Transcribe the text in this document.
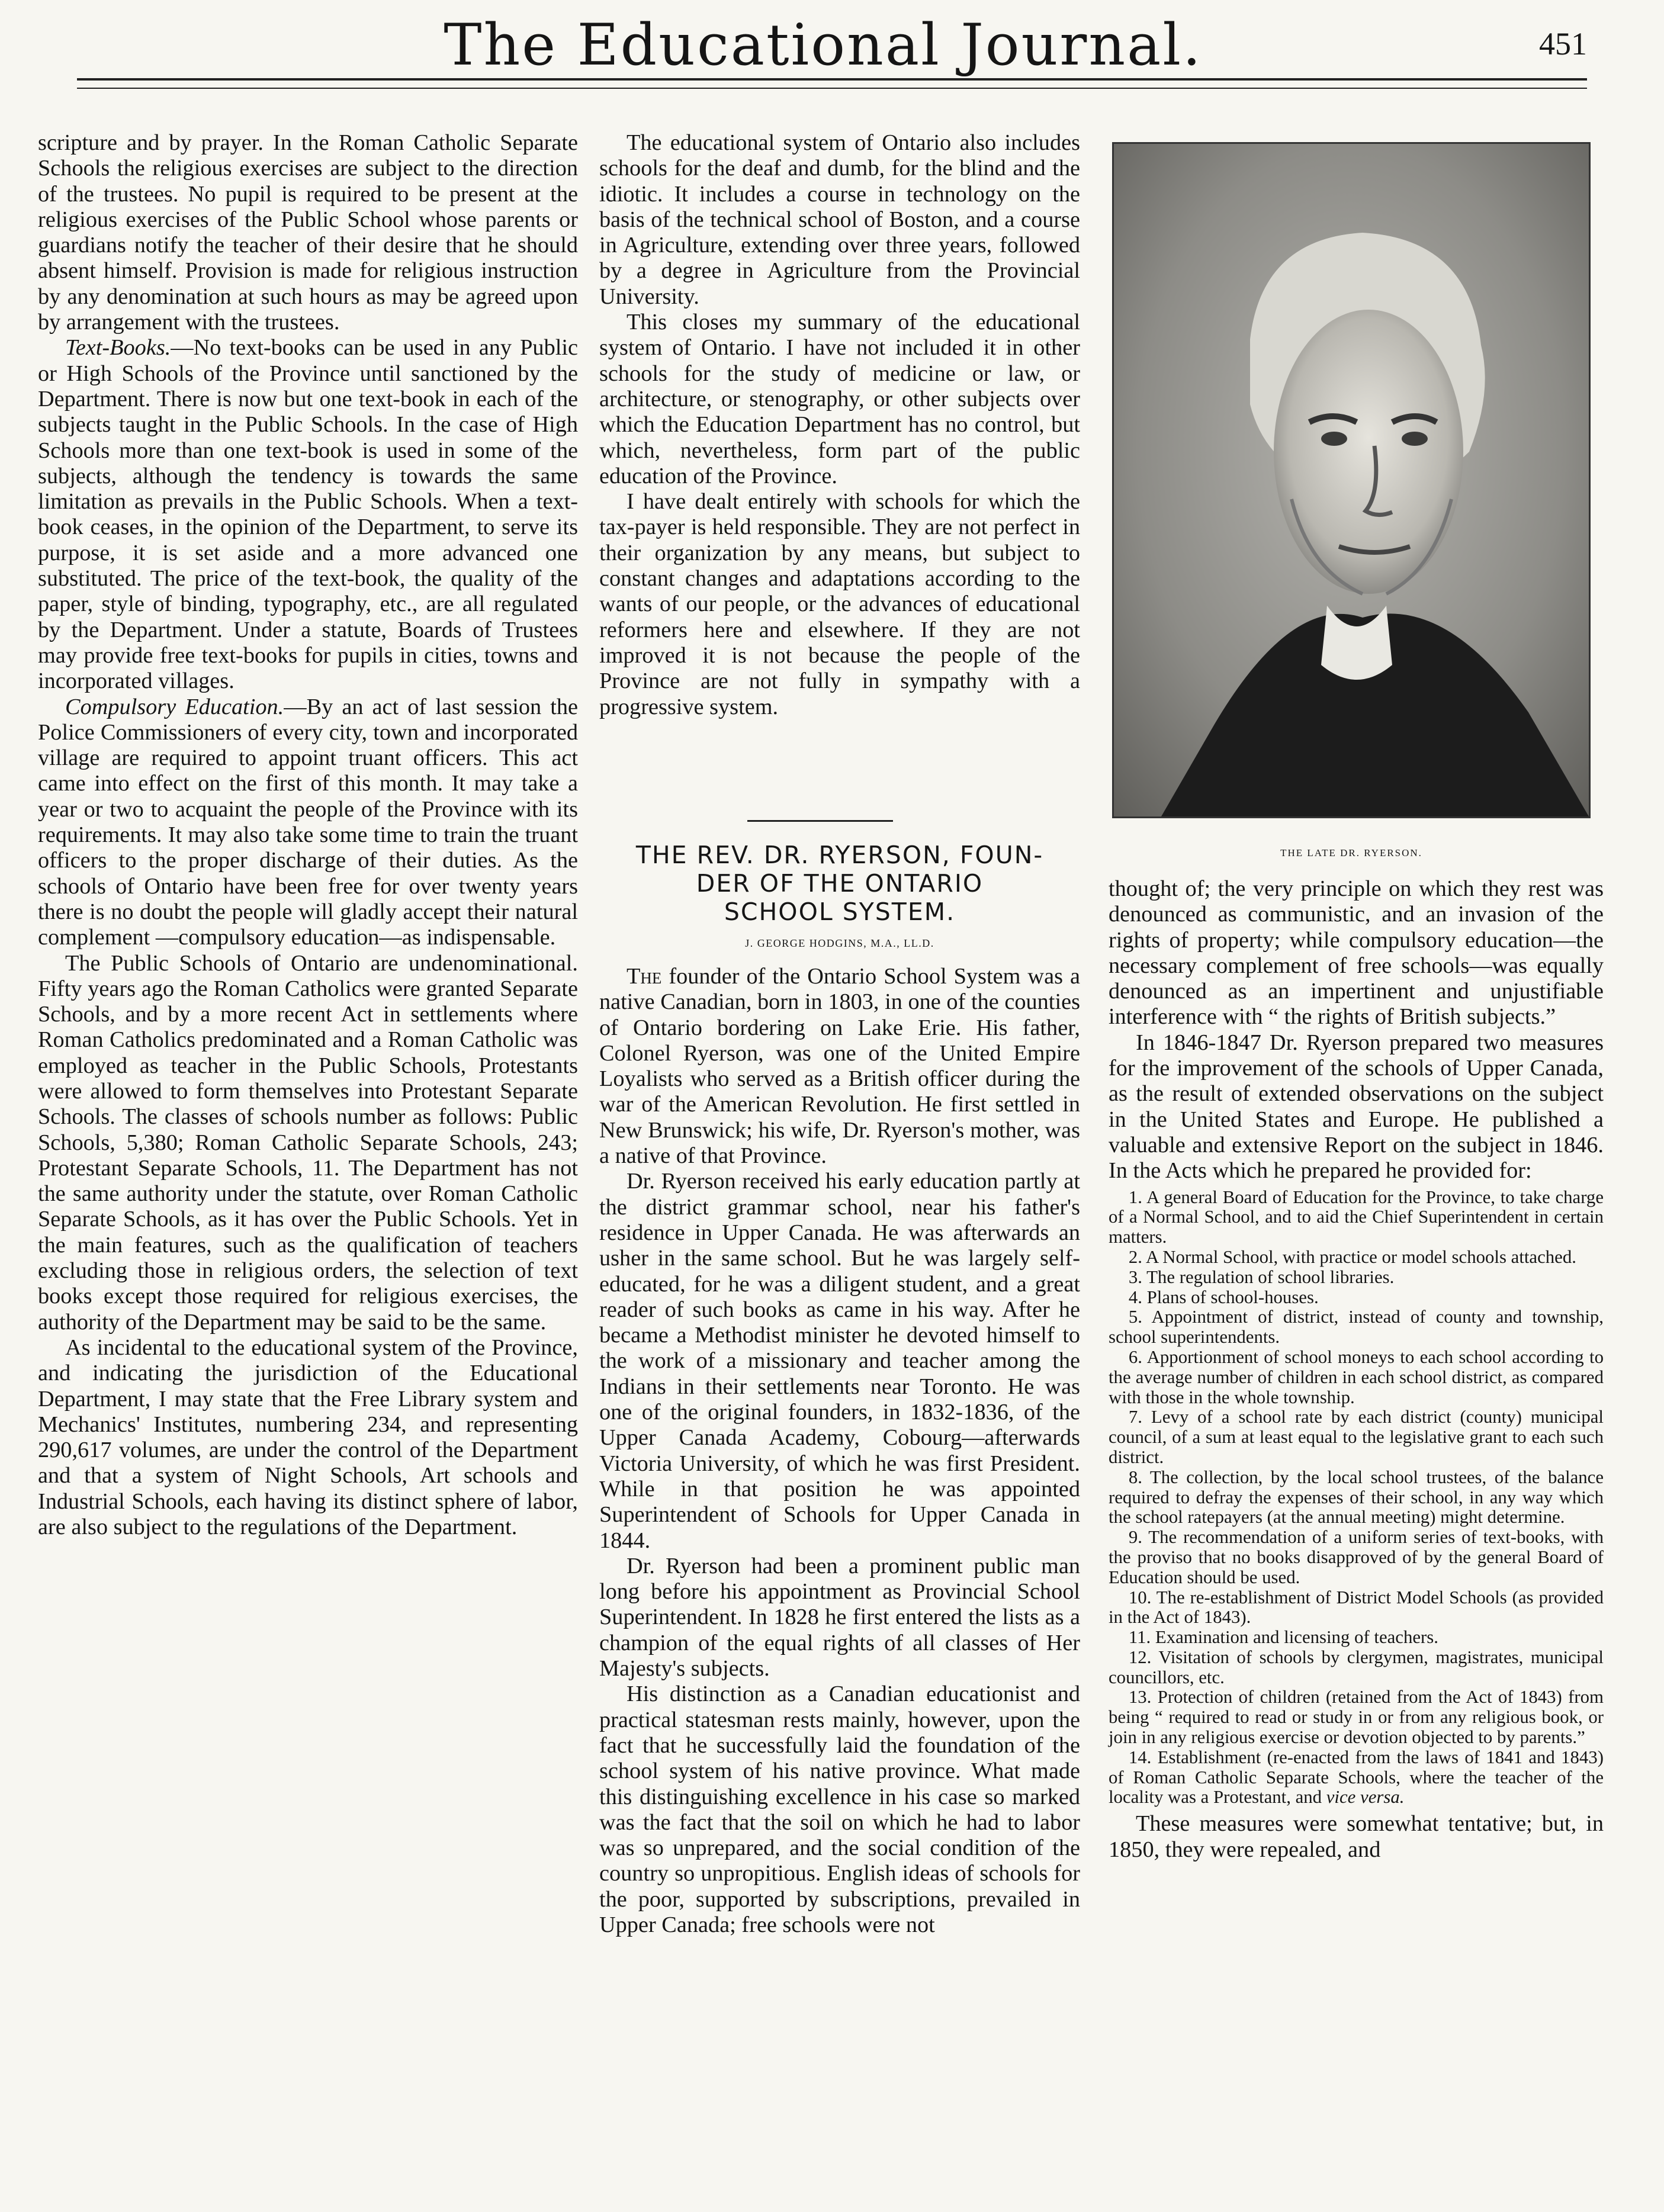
The Educational Journal.	451

scripture and by prayer. In the Roman Catholic Separate Schools the religious exercises are subject to the direction of the trustees. No pupil is required to be present at the religious exercises of the Public School whose parents or guardians notify the teacher of their desire that he should absent himself. Provision is made for religious instruction by any denomination at such hours as may be agreed upon by arrangement with the trustees.

Text-Books.—No text-books can be used in any Public or High Schools of the Province until sanctioned by the Department. There is now but one text-book in each of the subjects taught in the Public Schools. In the case of High Schools more than one text-book is used in some of the subjects, although the tendency is towards the same limitation as prevails in the Public Schools. When a text-book ceases, in the opinion of the Department, to serve its purpose, it is set aside and a more advanced one substituted. The price of the text-book, the quality of the paper, style of binding, typography, etc., are all regulated by the Department. Under a statute, Boards of Trustees may provide free text-books for pupils in cities, towns and incorporated villages.

Compulsory Education.—By an act of last session the Police Commissioners of every city, town and incorporated village are required to appoint truant officers. This act came into effect on the first of this month. It may take a year or two to acquaint the people of the Province with its requirements. It may also take some time to train the truant officers to the proper discharge of their duties. As the schools of Ontario have been free for over twenty years there is no doubt the people will gladly accept their natural complement —compulsory education—as indispensable.

The Public Schools of Ontario are undenominational. Fifty years ago the Roman Catholics were granted Separate Schools, and by a more recent Act in settlements where Roman Catholics predominated and a Roman Catholic was employed as teacher in the Public Schools, Protestants were allowed to form themselves into Protestant Separate Schools. The classes of schools number as follows: Public Schools, 5,380; Roman Catholic Separate Schools, 243; Protestant Separate Schools, 11. The Department has not the same authority under the statute, over Roman Catholic Separate Schools, as it has over the Public Schools. Yet in the main features, such as the qualification of teachers excluding those in religious orders, the selection of text books except those required for religious exercises, the authority of the Department may be said to be the same.

As incidental to the educational system of the Province, and indicating the jurisdiction of the Educational Department, I may state that the Free Library system and Mechanics' Institutes, numbering 234, and representing 290,617 volumes, are under the control of the Department and that a system of Night Schools, Art schools and Industrial Schools, each having its distinct sphere of labor, are also subject to the regulations of the Department.

The educational system of Ontario also includes schools for the deaf and dumb, for the blind and the idiotic. It includes a course in technology on the basis of the technical school of Boston, and a course in Agriculture, extending over three years, followed by a degree in Agriculture from the Provincial University.

This closes my summary of the educational system of Ontario. I have not included it in other schools for the study of medicine or law, or architecture, or stenography, or other subjects over which the Education Department has no control, but which, nevertheless, form part of the public education of the Province.

I have dealt entirely with schools for which the tax-payer is held responsible. They are not perfect in their organization by any means, but subject to constant changes and adaptations according to the wants of our people, or the advances of educational reformers here and elsewhere. If they are not improved it is not because the people of the Province are not fully in sympathy with a progressive system.

THE REV. DR. RYERSON, FOUN-
DER OF THE ONTARIO
SCHOOL SYSTEM.
J. GEORGE HODGINS, M.A., LL.D.

The founder of the Ontario School System was a native Canadian, born in 1803, in one of the counties of Ontario bordering on Lake Erie. His father, Colonel Ryerson, was one of the United Empire Loyalists who served as a British officer during the war of the American Revolution. He first settled in New Brunswick; his wife, Dr. Ryerson's mother, was a native of that Province.

Dr. Ryerson received his early education partly at the district grammar school, near his father's residence in Upper Canada. He was afterwards an usher in the same school. But he was largely self-educated, for he was a diligent student, and a great reader of such books as came in his way. After he became a Methodist minister he devoted himself to the work of a missionary and teacher among the Indians in their settlements near Toronto. He was one of the original founders, in 1832-1836, of the Upper Canada Academy, Cobourg—afterwards Victoria University, of which he was first President. While in that position he was appointed Superintendent of Schools for Upper Canada in 1844.

Dr. Ryerson had been a prominent public man long before his appointment as Provincial School Superintendent. In 1828 he first entered the lists as a champion of the equal rights of all classes of Her Majesty's subjects.

His distinction as a Canadian educationist and practical statesman rests mainly, however, upon the fact that he successfully laid the foundation of the school system of his native province. What made this distinguishing excellence in his case so marked was the fact that the soil on which he had to labor was so unprepared, and the social condition of the country so unpropitious. English ideas of schools for the poor, supported by subscriptions, prevailed in Upper Canada; free schools were not

THE LATE DR. RYERSON.

thought of; the very principle on which they rest was denounced as communistic, and an invasion of the rights of property; while compulsory education—the necessary complement of free schools—was equally denounced as an impertinent and unjustifiable interference with “ the rights of British subjects.”

In 1846-1847 Dr. Ryerson prepared two measures for the improvement of the schools of Upper Canada, as the result of extended observations on the subject in the United States and Europe. He published a valuable and extensive Report on the subject in 1846. In the Acts which he prepared he provided for:

1. A general Board of Education for the Province, to take charge of a Normal School, and to aid the Chief Superintendent in certain matters.

2. A Normal School, with practice or model schools attached.

3. The regulation of school libraries.

4. Plans of school-houses.

5. Appointment of district, instead of county and township, school superintendents.

6. Apportionment of school moneys to each school according to the average number of children in each school district, as compared with those in the whole township.

7. Levy of a school rate by each district (county) municipal council, of a sum at least equal to the legislative grant to each such district.

8. The collection, by the local school trustees, of the balance required to defray the expenses of their school, in any way which the school ratepayers (at the annual meeting) might determine.

9. The recommendation of a uniform series of text-books, with the proviso that no books disapproved of by the general Board of Education should be used.

10. The re-establishment of District Model Schools (as provided in the Act of 1843).

11. Examination and licensing of teachers.

12. Visitation of schools by clergymen, magistrates, municipal councillors, etc.

13. Protection of children (retained from the Act of 1843) from being “ required to read or study in or from any religious book, or join in any religious exercise or devotion objected to by parents.”

14. Establishment (re-enacted from the laws of 1841 and 1843) of Roman Catholic Separate Schools, where the teacher of the locality was a Protestant, and vice versa.

These measures were somewhat tentative; but, in 1850, they were repealed, and
